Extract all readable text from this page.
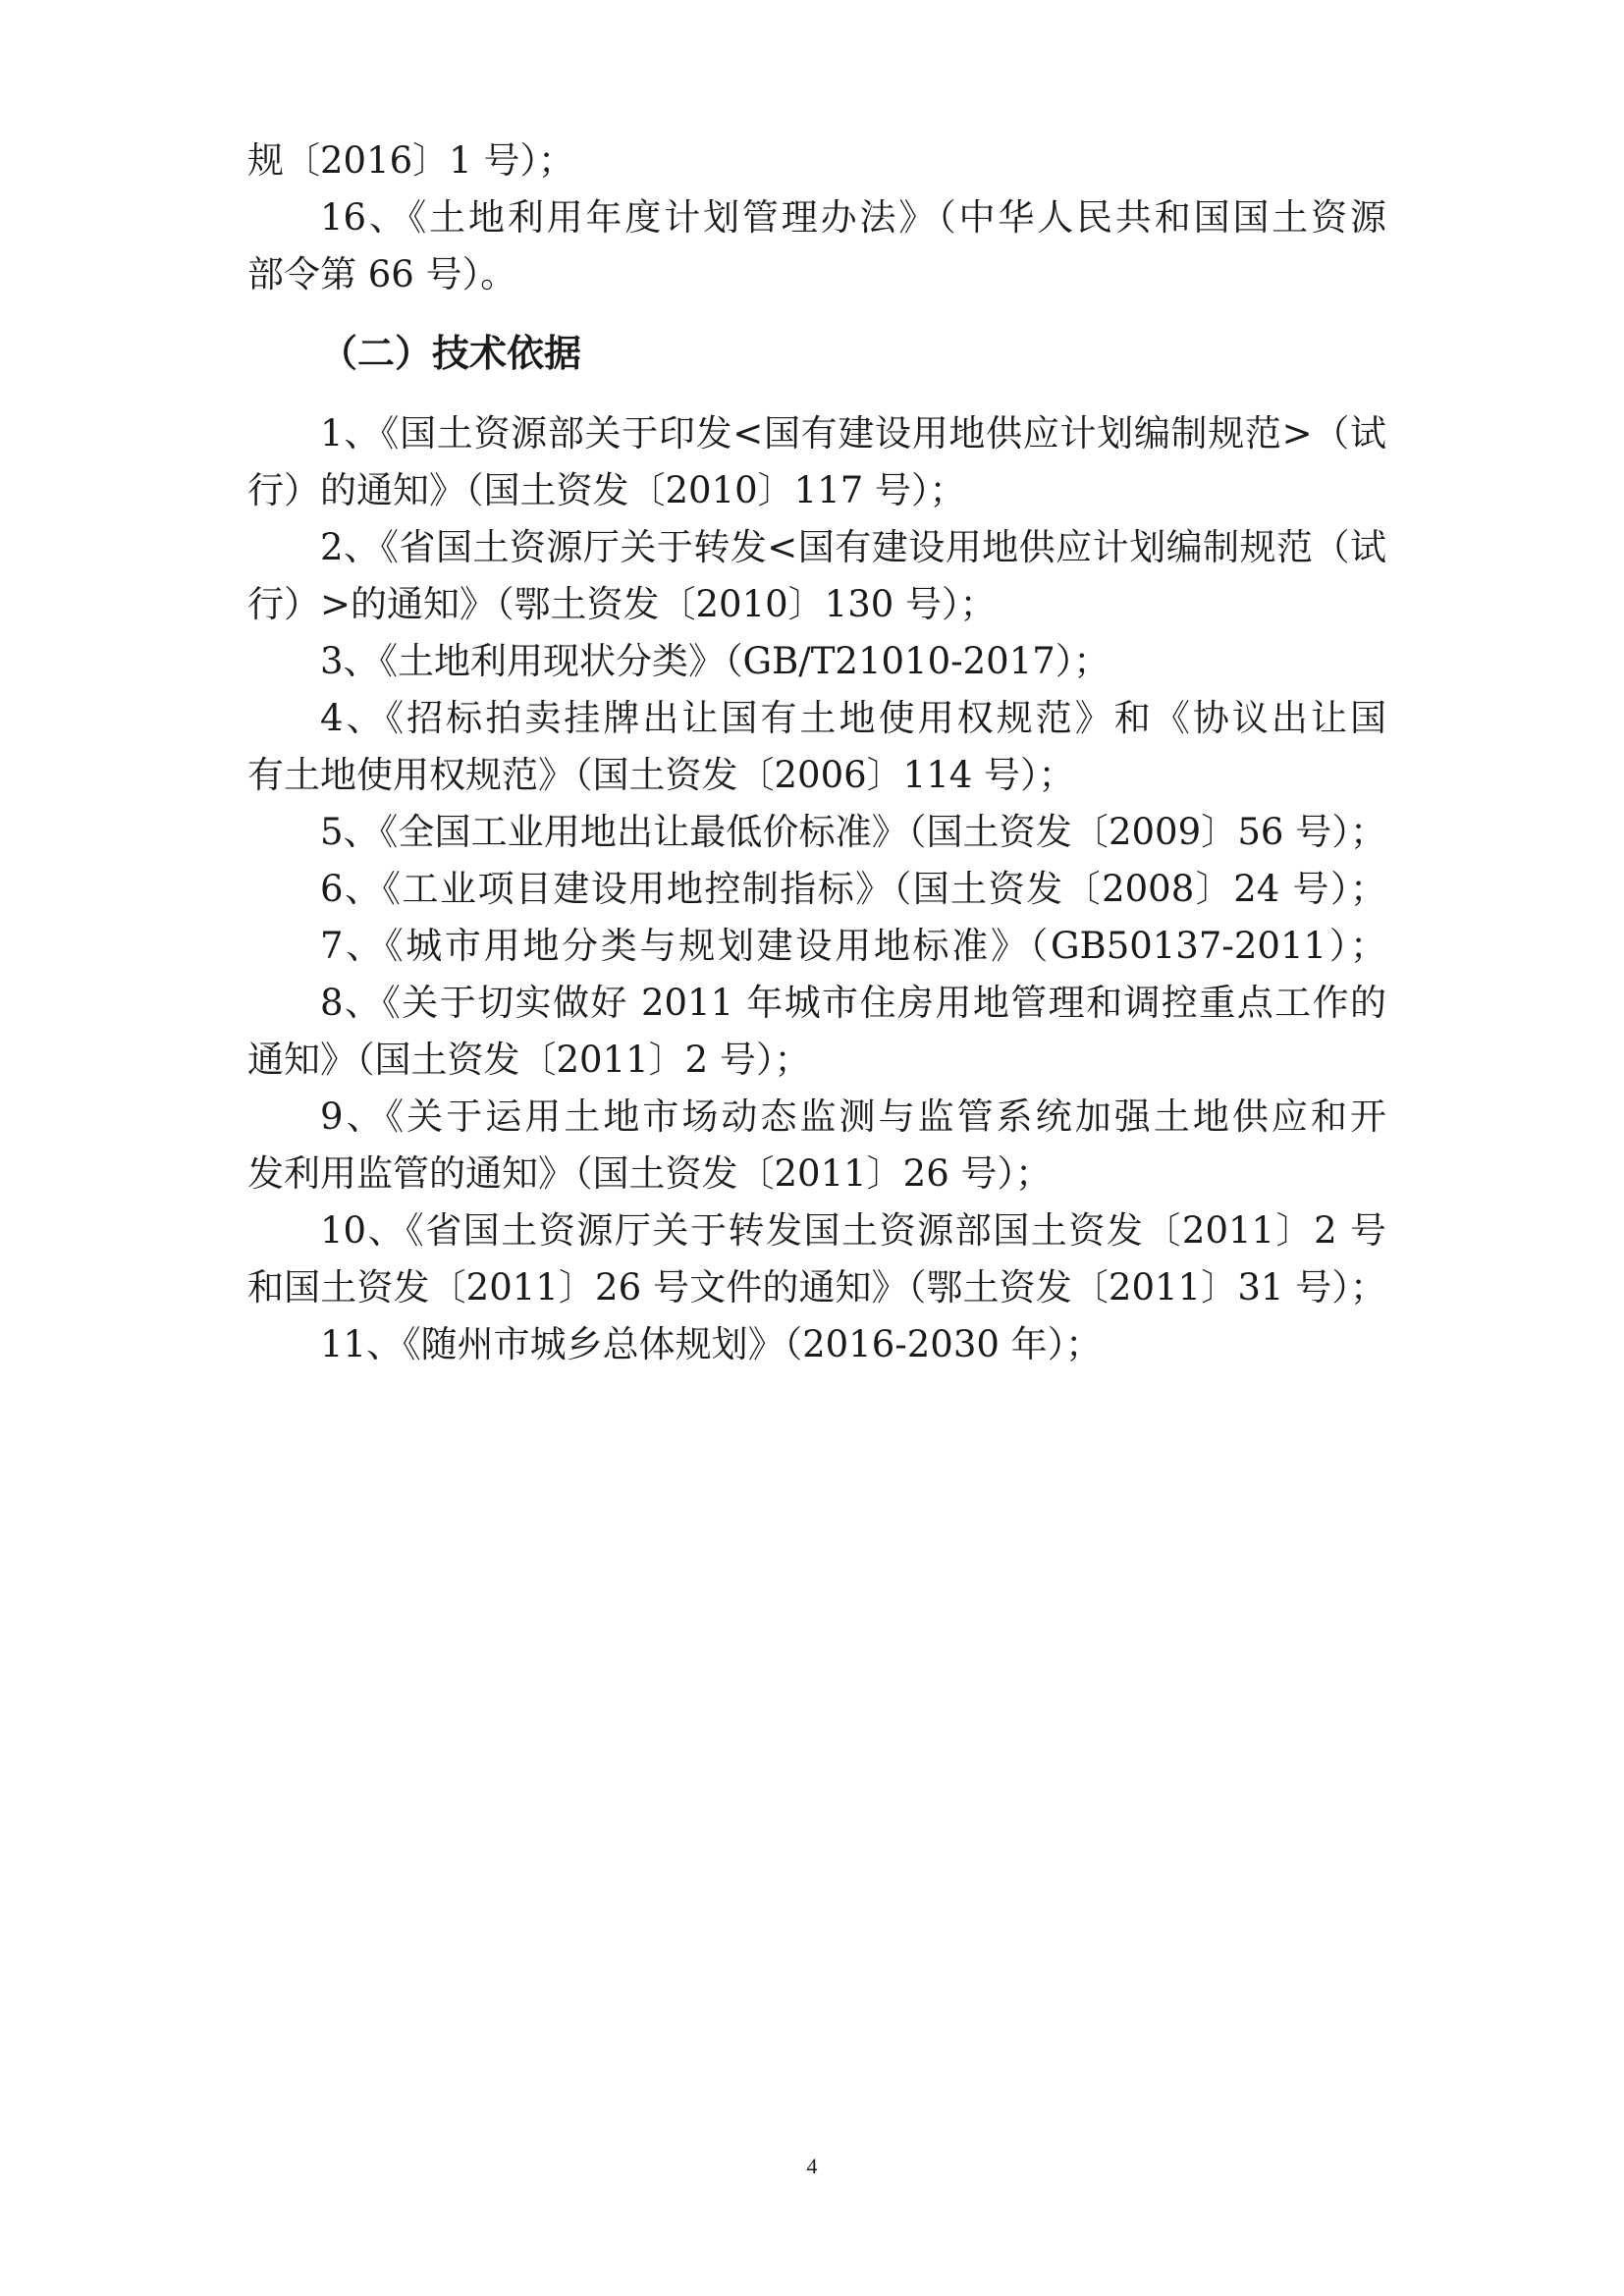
规〔2016〕1 号）；
16、《土地利用年度计划管理办法》（中华人民共和国国土资源
部令第 66 号）。
（二）技术依据
1、《国土资源部关于印发<国有建设用地供应计划编制规范>（试
行）的通知》（国土资发〔2010〕117 号）；
2、《省国土资源厅关于转发<国有建设用地供应计划编制规范（试
行）>的通知》（鄂土资发〔2010〕130 号）；
3、《土地利用现状分类》（GB/T21010-2017）；
4、《招标拍卖挂牌出让国有土地使用权规范》和《协议出让国
有土地使用权规范》（国土资发〔2006〕114 号）；
5、《全国工业用地出让最低价标准》（国土资发〔2009〕56 号）；
6、《工业项目建设用地控制指标》（国土资发〔2008〕24 号）；
7、《城市用地分类与规划建设用地标准》（GB50137-2011）；
8、《关于切实做好 2011 年城市住房用地管理和调控重点工作的
通知》（国土资发〔2011〕2 号）；
9、《关于运用土地市场动态监测与监管系统加强土地供应和开
发利用监管的通知》（国土资发〔2011〕26 号）；
10、《省国土资源厅关于转发国土资源部国土资发〔2011〕2 号
和国土资发〔2011〕26 号文件的通知》（鄂土资发〔2011〕31 号）；
11、《随州市城乡总体规划》（2016-2030 年）；
4
